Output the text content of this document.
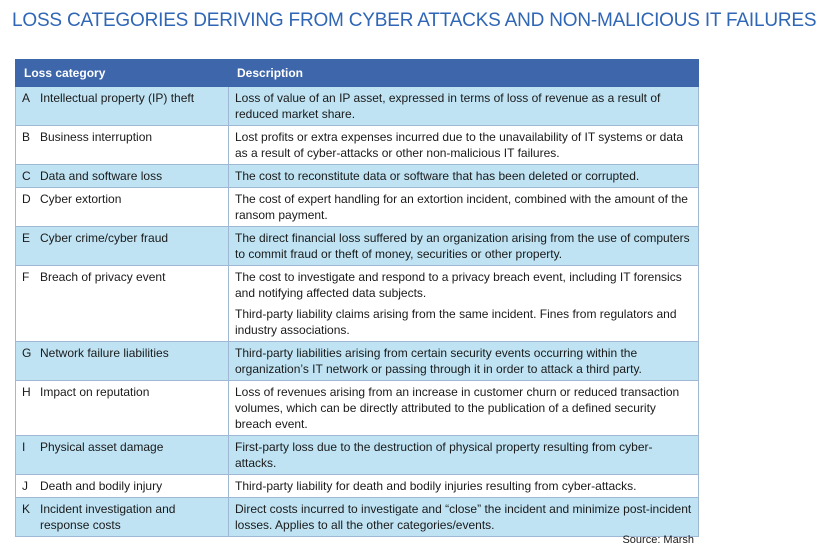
LOSS CATEGORIES DERIVING FROM CYBER ATTACKS AND NON-MALICIOUS IT FAILURES
Loss category	Description
A Intellectual property (IP) theft	Loss of value of an IP asset, expressed in terms of loss of revenue as a result of reduced market share.
B Business interruption	Lost profits or extra expenses incurred due to the unavailability of IT systems or data as a result of cyber-attacks or other non-malicious IT failures.
C Data and software loss	The cost to reconstitute data or software that has been deleted or corrupted.
D Cyber extortion	The cost of expert handling for an extortion incident, combined with the amount of the ransom payment.
E Cyber crime/cyber fraud	The direct financial loss suffered by an organization arising from the use of computers to commit fraud or theft of money, securities or other property.
F Breach of privacy event	The cost to investigate and respond to a privacy breach event, including IT forensics and notifying affected data subjects.
Third-party liability claims arising from the same incident. Fines from regulators and industry associations.

G Network failure liabilities	Third-party liabilities arising from certain security events occurring within the organization’s IT network or passing through it in order to attack a third party.
H Impact on reputation	Loss of revenues arising from an increase in customer churn or reduced transaction volumes, which can be directly attributed to the publication of a defined security breach event.
I Physical asset damage	First-party loss due to the destruction of physical property resulting from cyber-attacks.
J Death and bodily injury	Third-party liability for death and bodily injuries resulting from cyber-attacks.
K Incident investigation and response costs	Direct costs incurred to investigate and “close” the incident and minimize post-incident losses. Applies to all the other categories/events.
Source: Marsh
